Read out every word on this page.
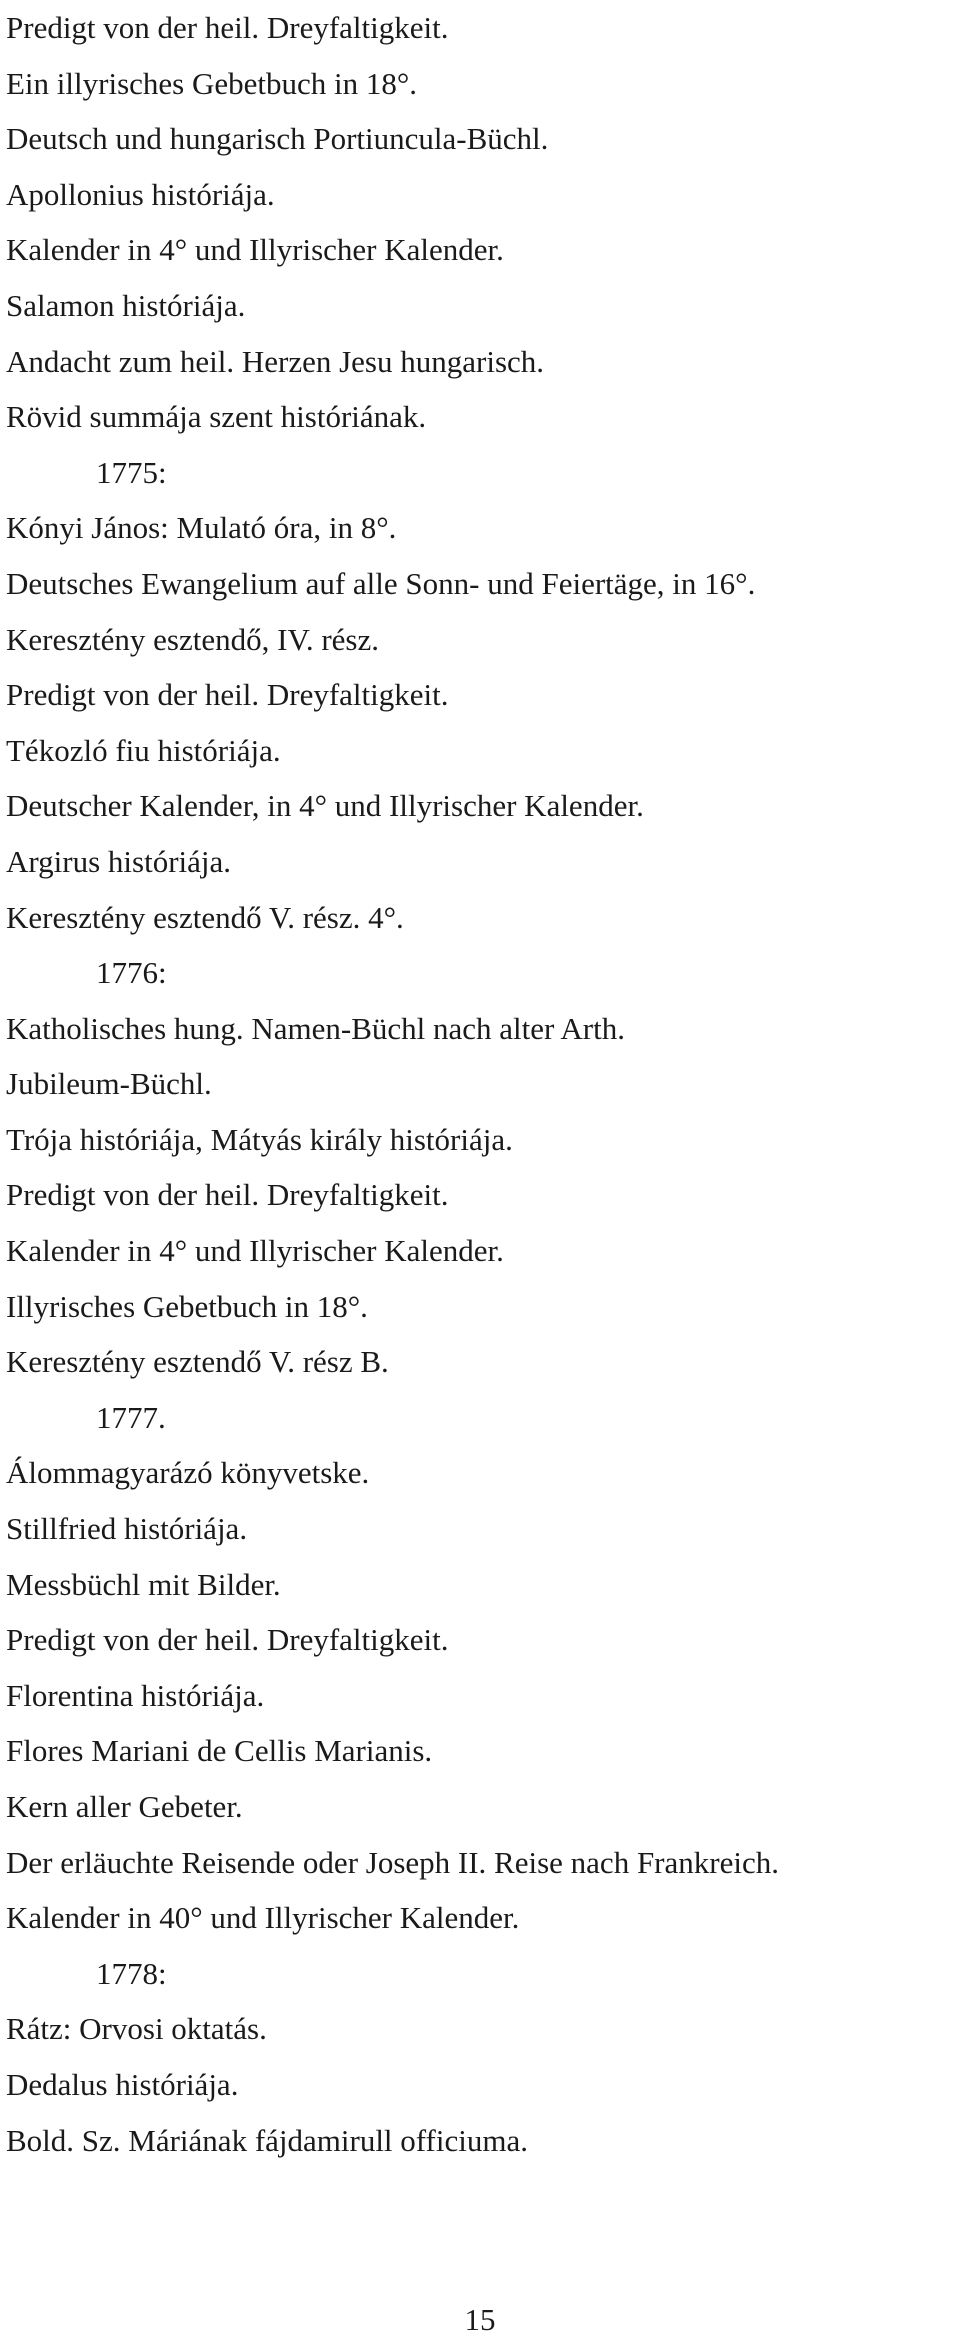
Predigt von der heil. Dreyfaltigkeit.
Ein illyrisches Gebetbuch in 18°.
Deutsch und hungarisch Portiuncula-Büchl.
Apollonius históriája.
Kalender in 4° und Illyrischer Kalender.
Salamon históriája.
Andacht zum heil. Herzen Jesu hungarisch.
Rövid summája szent históriának.
1775:
Kónyi János: Mulató óra, in 8°.
Deutsches Ewangelium auf alle Sonn- und Feiertäge, in 16°.
Keresztény esztendő, IV. rész.
Predigt von der heil. Dreyfaltigkeit.
Tékozló fiu históriája.
Deutscher Kalender, in 4° und Illyrischer Kalender.
Argirus históriája.
Keresztény esztendő V. rész. 4°.
1776:
Katholisches hung. Namen-Büchl nach alter Arth.
Jubileum-Büchl.
Trója históriája, Mátyás király históriája.
Predigt von der heil. Dreyfaltigkeit.
Kalender in 4° und Illyrischer Kalender.
Illyrisches Gebetbuch in 18°.
Keresztény esztendő V. rész B.
1777.
Álommagyarázó könyvetske.
Stillfried históriája.
Messbüchl mit Bilder.
Predigt von der heil. Dreyfaltigkeit.
Florentina históriája.
Flores Mariani de Cellis Marianis.
Kern aller Gebeter.
Der erläuchte Reisende oder Joseph II. Reise nach Frankreich.
Kalender in 40° und Illyrischer Kalender.
1778:
Rátz: Orvosi oktatás.
Dedalus históriája.
Bold. Sz. Máriának fájdamirull officiuma.
15
